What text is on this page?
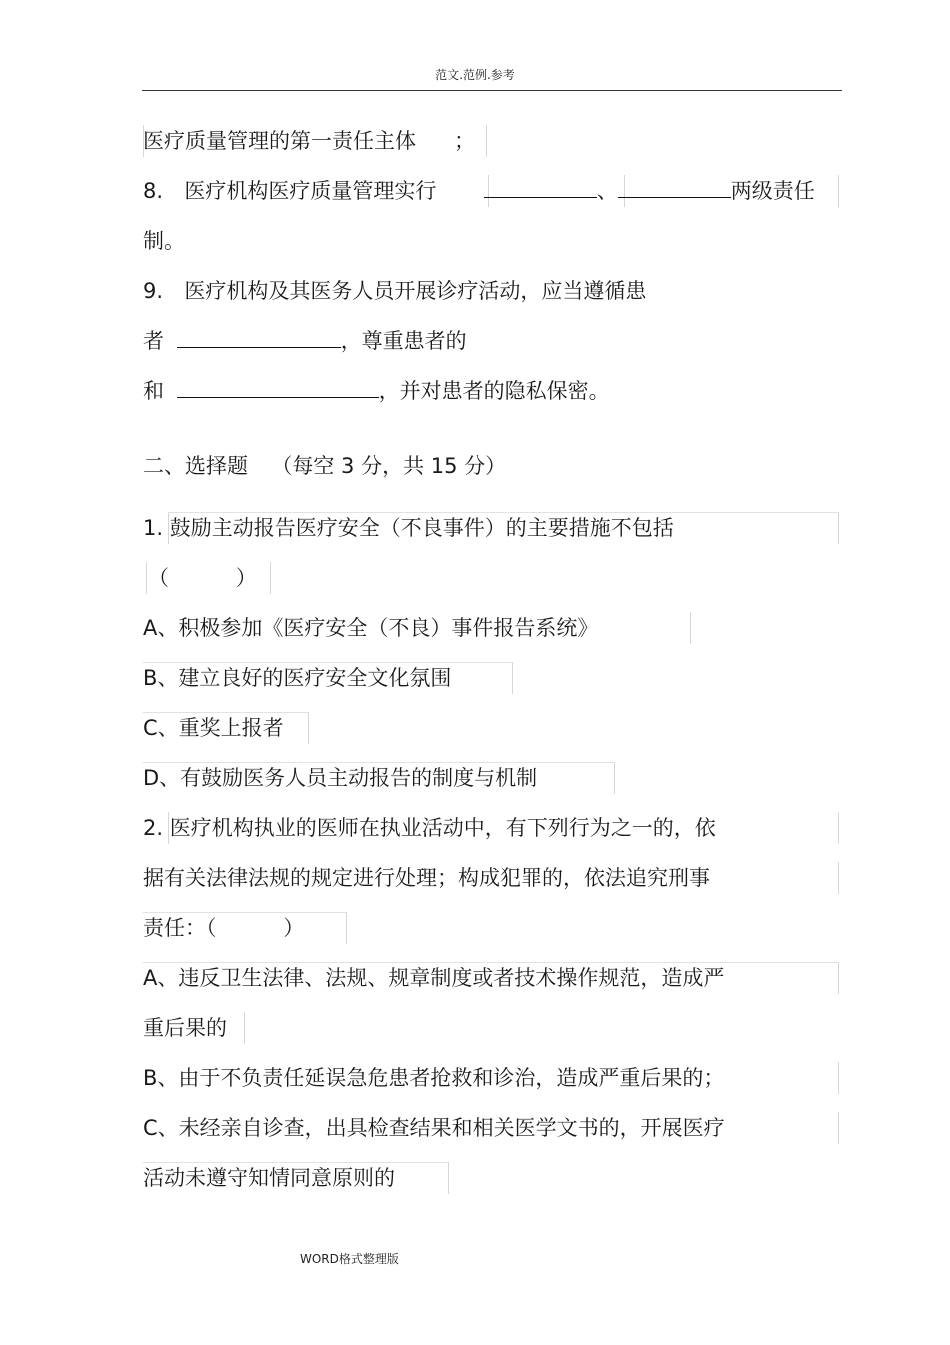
范文.范例.参考
医疗质量管理的第一责任主体 ；
8. 医疗机构医疗质量管理实行	、	两级责任
制。
9. 医疗机构及其医务人员开展诊疗活动，应当遵循患
者	，尊重患者的
和	，并对患者的隐私保密。
二、选择题 （每空 3 分，共 15 分）
1. 鼓励主动报告医疗安全（不良事件）的主要措施不包括
（          ）
A、积极参加《医疗安全（不良）事件报告系统》
B、建立良好的医疗安全文化氛围
C、重奖上报者
D、有鼓励医务人员主动报告的制度与机制
2. 医疗机构执业的医师在执业活动中，有下列行为之一的，依
据有关法律法规的规定进行处理；构成犯罪的，依法追究刑事
责任：（          ）
A、违反卫生法律、法规、规章制度或者技术操作规范，造成严
重后果的
B、由于不负责任延误急危患者抢救和诊治，造成严重后果的；
C、未经亲自诊查，出具检查结果和相关医学文书的，开展医疗
活动未遵守知情同意原则的
WORD格式整理版
